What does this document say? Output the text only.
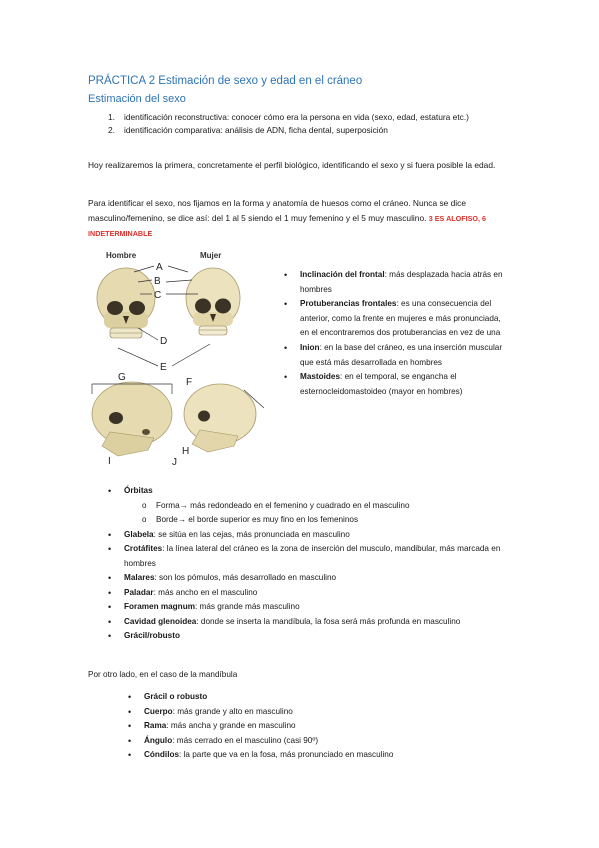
PRÁCTICA 2 Estimación de sexo y edad en el cráneo
Estimación del sexo
1. identificación reconstructiva: conocer cómo era la persona en vida (sexo, edad, estatura etc.)
2. identificación comparativa: análisis de ADN, ficha dental, superposición
Hoy realizaremos la primera, concretamente el perfil biológico, identificando el sexo y si fuera posible la edad.
Para identificar el sexo, nos fijamos en la forma y anatomía de huesos como el cráneo. Nunca se dice masculino/femenino, se dice así: del 1 al 5 siendo el 1 muy femenino y el 5 muy masculino. 3 ES ALOFISO, 6 INDETERMINABLE
Hombre	Mujer
A
B
C
D
E
G	F
H
I	J
• Inclinación del frontal: más desplazada hacia atrás en hombres
• Protuberancias frontales: es una consecuencia del anterior, como la frente en mujeres e más pronunciada, en el encontraremos dos protuberancias en vez de una
• Inion: en la base del cráneo, es una inserción muscular que está más desarrollada en hombres
• Mastoides: en el temporal, se engancha el esternocleidomastoideo (mayor en hombres)
• Órbitas
o Forma→ más redondeado en el femenino y cuadrado en el masculino
o Borde→ el borde superior es muy fino en los femeninos
• Glabela: se sitúa en las cejas, más pronunciada en masculino
• Crotáfites: la línea lateral del cráneo es la zona de inserción del musculo, mandibular, más marcada en hombres
• Malares: son los pómulos, más desarrollado en masculino
• Paladar: más ancho en el masculino
• Foramen magnum: más grande más masculino
• Cavidad glenoidea: donde se inserta la mandíbula, la fosa será más profunda en masculino
• Grácil/robusto
Por otro lado, en el caso de la mandíbula
• Grácil o robusto
• Cuerpo: más grande y alto en masculino
• Rama: más ancha y grande en masculino
• Ángulo: más cerrado en el masculino (casi 90º)
• Cóndilos: la parte que va en la fosa, más pronunciado en masculino
